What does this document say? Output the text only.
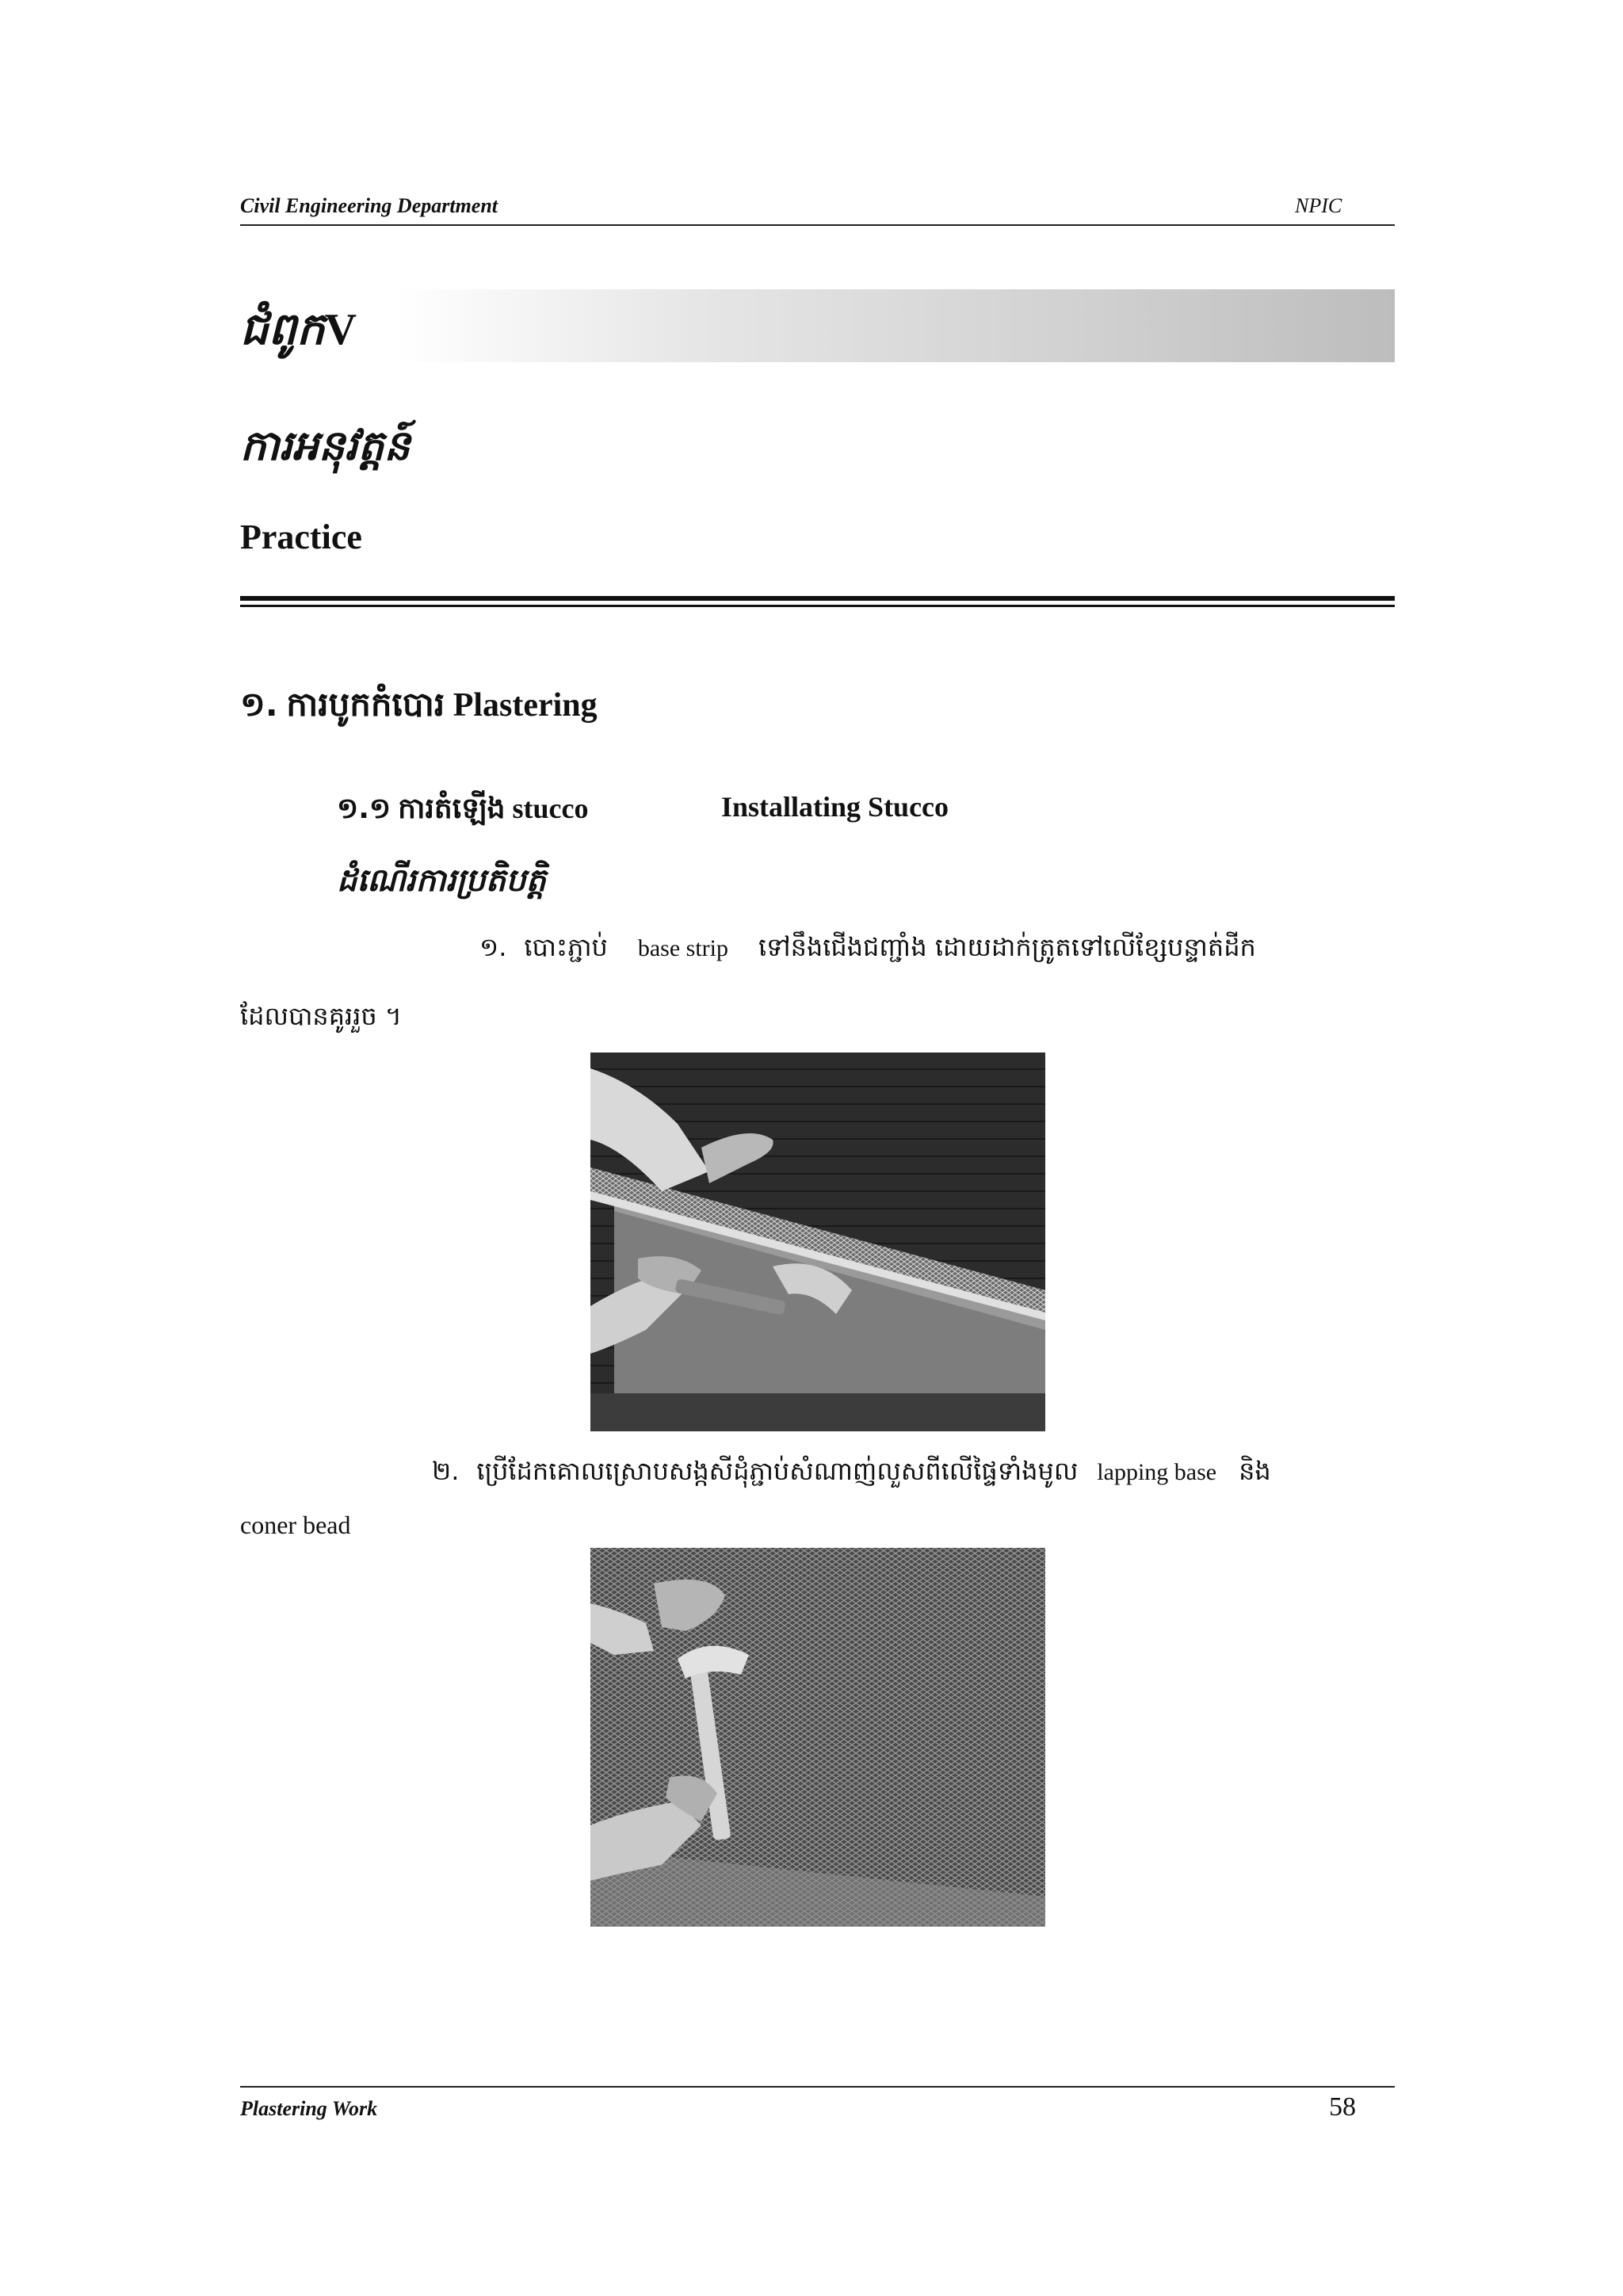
Civil Engineering Department	NPIC
ជំពូកV
ការអនុវត្តន៍
Practice
១. ការបូកកំបោរ Plastering
១.១ ការតំឡើង stucco	Installating Stucco
ដំណើរការប្រតិបត្តិ
១. បោះភ្ជាប់ base strip ទៅនឹងជើងជញ្ជាំង ដោយដាក់ត្រូតទៅលើខ្សែបន្ទាត់ដីក
ដែលបានគូររួច ។
២. ប្រើដែកគោលស្រោបសង្កសីដុំភ្ជាប់សំណាញ់លួសពីលើផ្ទៃទាំងមូល lapping base និង
coner bead
Plastering Work	58
